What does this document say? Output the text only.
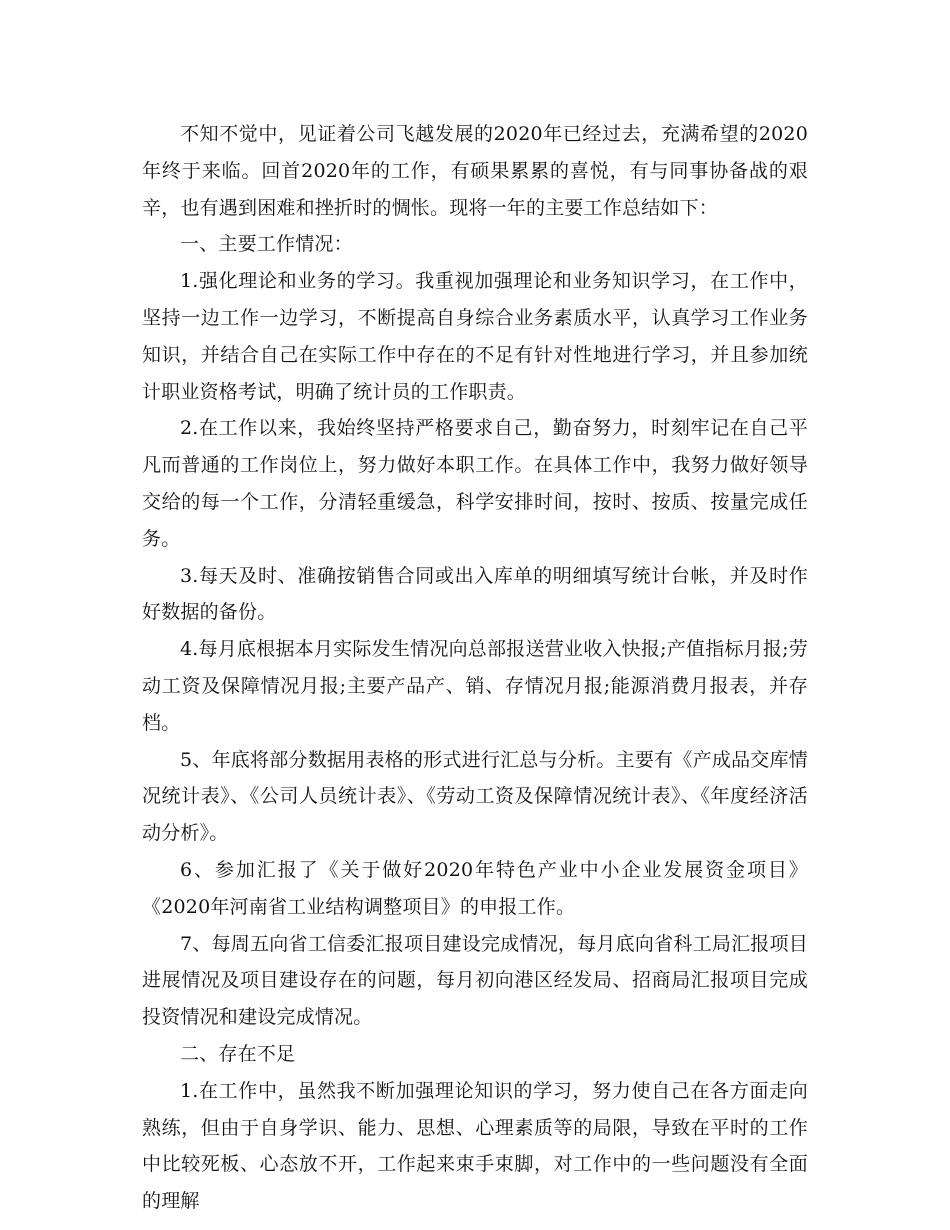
不知不觉中，见证着公司飞越发展的2020年已经过去，充满希望的2020年终于来临。回首2020年的工作，有硕果累累的喜悦，有与同事协备战的艰辛，也有遇到困难和挫折时的惆怅。现将一年的主要工作总结如下：

一、主要工作情况：

1.强化理论和业务的学习。我重视加强理论和业务知识学习，在工作中，坚持一边工作一边学习，不断提高自身综合业务素质水平，认真学习工作业务知识，并结合自己在实际工作中存在的不足有针对性地进行学习，并且参加统计职业资格考试，明确了统计员的工作职责。

2.在工作以来，我始终坚持严格要求自己，勤奋努力，时刻牢记在自己平凡而普通的工作岗位上，努力做好本职工作。在具体工作中，我努力做好领导交给的每一个工作，分清轻重缓急，科学安排时间，按时、按质、按量完成任务。

3.每天及时、准确按销售合同或出入库单的明细填写统计台帐，并及时作好数据的备份。

4.每月底根据本月实际发生情况向总部报送营业收入快报;产值指标月报;劳动工资及保障情况月报;主要产品产、销、存情况月报;能源消费月报表，并存档。

5、年底将部分数据用表格的形式进行汇总与分析。主要有《产成品交库情况统计表》、《公司人员统计表》、《劳动工资及保障情况统计表》、《年度经济活动分析》。

6、参加汇报了《关于做好2020年特色产业中小企业发展资金项目》《2020年河南省工业结构调整项目》的申报工作。

7、每周五向省工信委汇报项目建设完成情况，每月底向省科工局汇报项目进展情况及项目建设存在的问题，每月初向港区经发局、招商局汇报项目完成投资情况和建设完成情况。

二、存在不足

1.在工作中，虽然我不断加强理论知识的学习，努力使自己在各方面走向熟练，但由于自身学识、能力、思想、心理素质等的局限，导致在平时的工作中比较死板、心态放不开，工作起来束手束脚，对工作中的一些问题没有全面的理解
